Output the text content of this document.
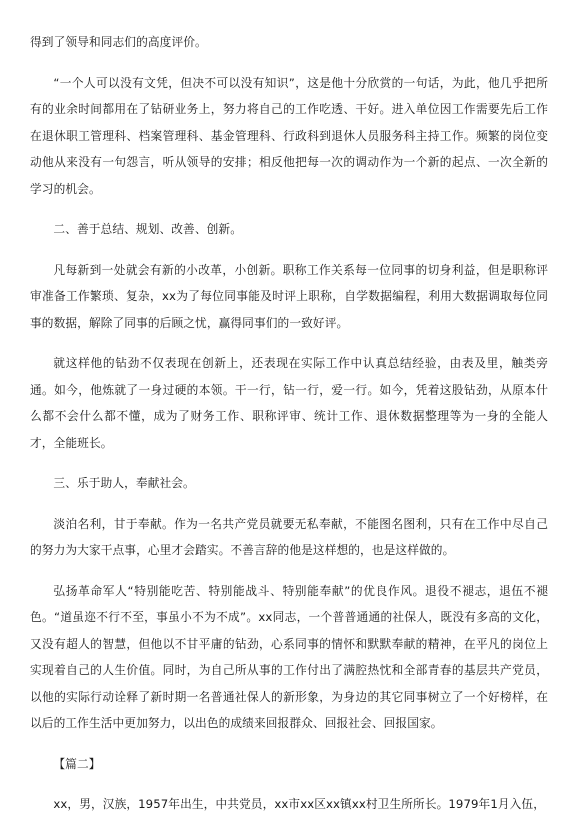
得到了领导和同志们的高度评价。

“一个人可以没有文凭，但决不可以没有知识”，这是他十分欣赏的一句话，为此，他几乎把所有的业余时间都用在了钻研业务上，努力将自己的工作吃透、干好。进入单位因工作需要先后工作在退休职工管理科、档案管理科、基金管理科、行政科到退休人员服务科主持工作。频繁的岗位变动他从来没有一句怨言，听从领导的安排；相反他把每一次的调动作为一个新的起点、一次全新的学习的机会。

二、善于总结、规划、改善、创新。

凡每新到一处就会有新的小改革，小创新。职称工作关系每一位同事的切身利益，但是职称评审准备工作繁琐、复杂，xx为了每位同事能及时评上职称，自学数据编程，利用大数据调取每位同事的数据，解除了同事的后顾之忧，赢得同事们的一致好评。

就这样他的钻劲不仅表现在创新上，还表现在实际工作中认真总结经验，由表及里，触类旁通。如今，他炼就了一身过硬的本领。干一行，钻一行，爱一行。如今，凭着这股钻劲，从原本什么都不会什么都不懂，成为了财务工作、职称评审、统计工作、退休数据整理等为一身的全能人才，全能班长。

三、乐于助人，奉献社会。

淡泊名利，甘于奉献。作为一名共产党员就要无私奉献，不能图名图利，只有在工作中尽自己的努力为大家干点事，心里才会踏实。不善言辞的他是这样想的，也是这样做的。

弘扬革命军人“特别能吃苦、特别能战斗、特别能奉献”的优良作风。退役不褪志，退伍不褪色。“道虽迩不行不至，事虽小不为不成”。xx同志，一个普普通通的社保人，既没有多高的文化，又没有超人的智慧，但他以不甘平庸的钻劲，心系同事的情怀和默默奉献的精神，在平凡的岗位上实现着自己的人生价值。同时，为自己所从事的工作付出了满腔热忱和全部青春的基层共产党员，以他的实际行动诠释了新时期一名普通社保人的新形象，为身边的其它同事树立了一个好榜样，在以后的工作生活中更加努力，以出色的成绩来回报群众、回报社会、回报国家。

【篇二】

xx，男，汉族，1957年出生，中共党员，xx市xx区xx镇xx村卫生所所长。1979年1月入伍，
